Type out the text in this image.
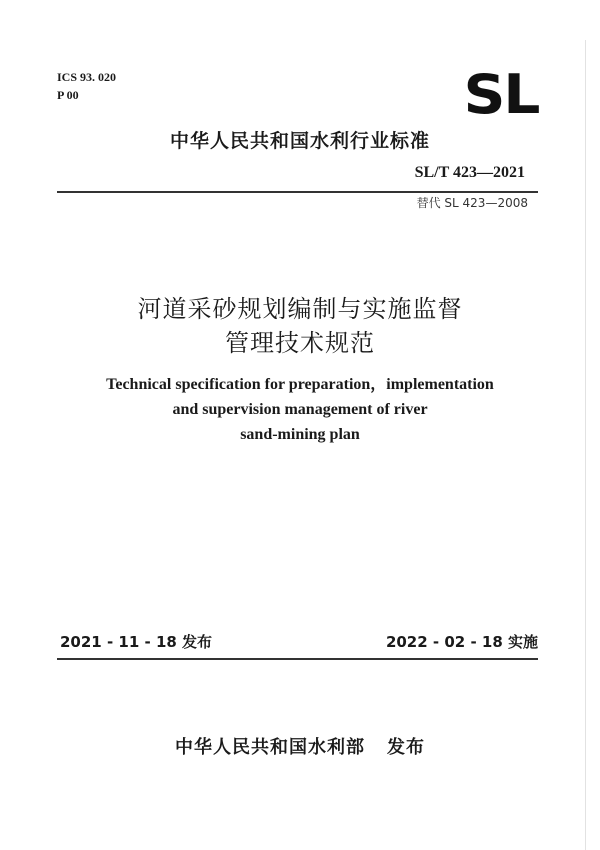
ICS 93. 020
P 00	SL
中华人民共和国水利行业标准
SL/T 423—2021
替代 SL 423—2008
河道采砂规划编制与实施监督
管理技术规范
Technical specification for preparation，implementation
and supervision management of river
sand-mining plan
2021 - 11 - 18 发布	2022 - 02 - 18 实施
中华人民共和国水利部 发布
